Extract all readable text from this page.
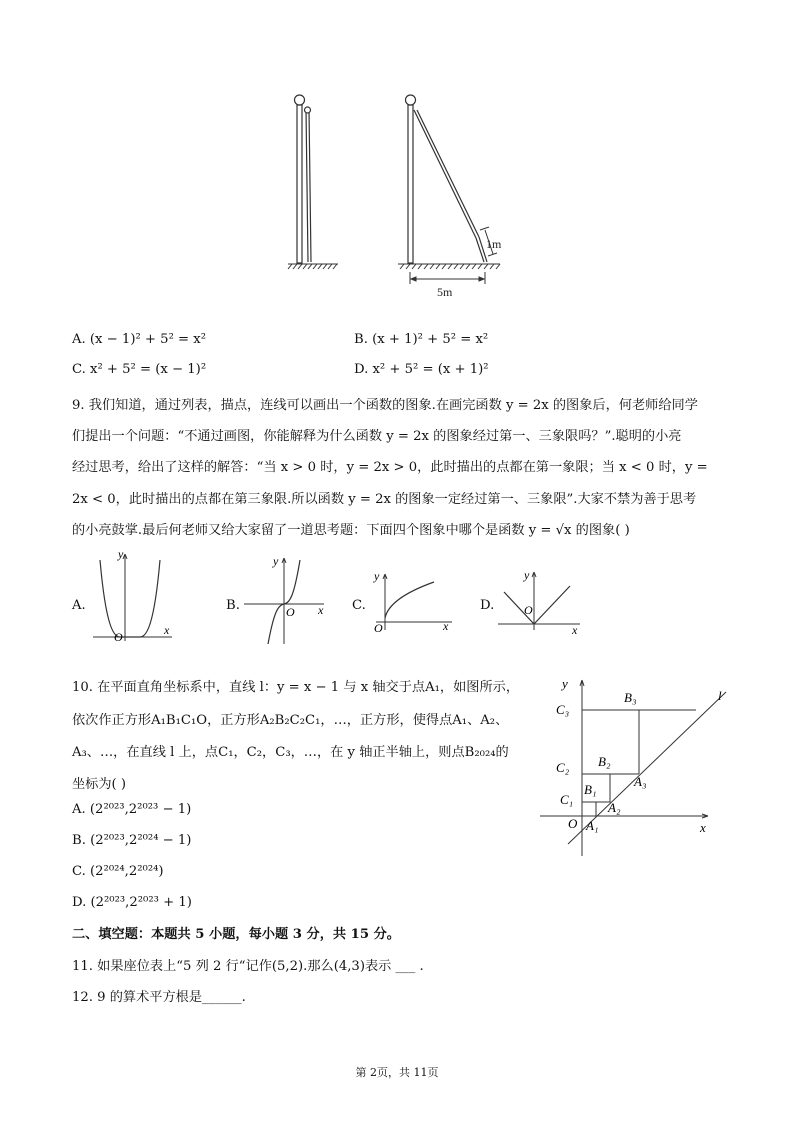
1m
5m
A. (x − 1)² + 5² = x²	B. (x + 1)² + 5² = x²
C. x² + 5² = (x − 1)²	D. x² + 5² = (x + 1)²
9. 我们知道，通过列表，描点，连线可以画出一个函数的图象.在画完函数 y = 2x 的图象后，何老师给同学
们提出一个问题：“不通过画图，你能解释为什么函数 y = 2x 的图象经过第一、三象限吗？”.聪明的小亮
经过思考，给出了这样的解答：“当 x > 0 时，y = 2x > 0，此时描出的点都在第一象限；当 x < 0 时，y =
2x < 0，此时描出的点都在第三象限.所以函数 y = 2x 的图象一定经过第一、三象限”.大家不禁为善于思考
的小亮鼓掌.最后何老师又给大家留了一道思考题：下面四个图象中哪个是函数 y = √x 的图象( )
A.
y
x
O
B.
y
x
O	C.
y
x
O
D.
y
x
O
10. 在平面直角坐标系中，直线 l：y = x − 1 与 x 轴交于点A₁，如图所示，
依次作正方形A₁B₁C₁O，正方形A₂B₂C₂C₁，…，正方形，使得点A₁、A₂、
A₃、…，在直线 l 上，点C₁，C₂，C₃，…，在 y 轴正半轴上，则点B₂₀₂₄的
坐标为( )
A. (2²⁰²³,2²⁰²³ − 1)
B. (2²⁰²³,2²⁰²⁴ − 1)
C. (2²⁰²⁴,2²⁰²⁴)
D. (2²⁰²³,2²⁰²³ + 1)
y
x
l
O
C₁
C₂
C₃
B₁
B₂
B₃
A₁
A₂
A₃
二、填空题：本题共 5 小题，每小题 3 分，共 15 分。
11. 如果座位表上“5 列 2 行“记作(5,2).那么(4,3)表示 ___ .
12. 9 的算术平方根是______.
第 2页，共 11页
